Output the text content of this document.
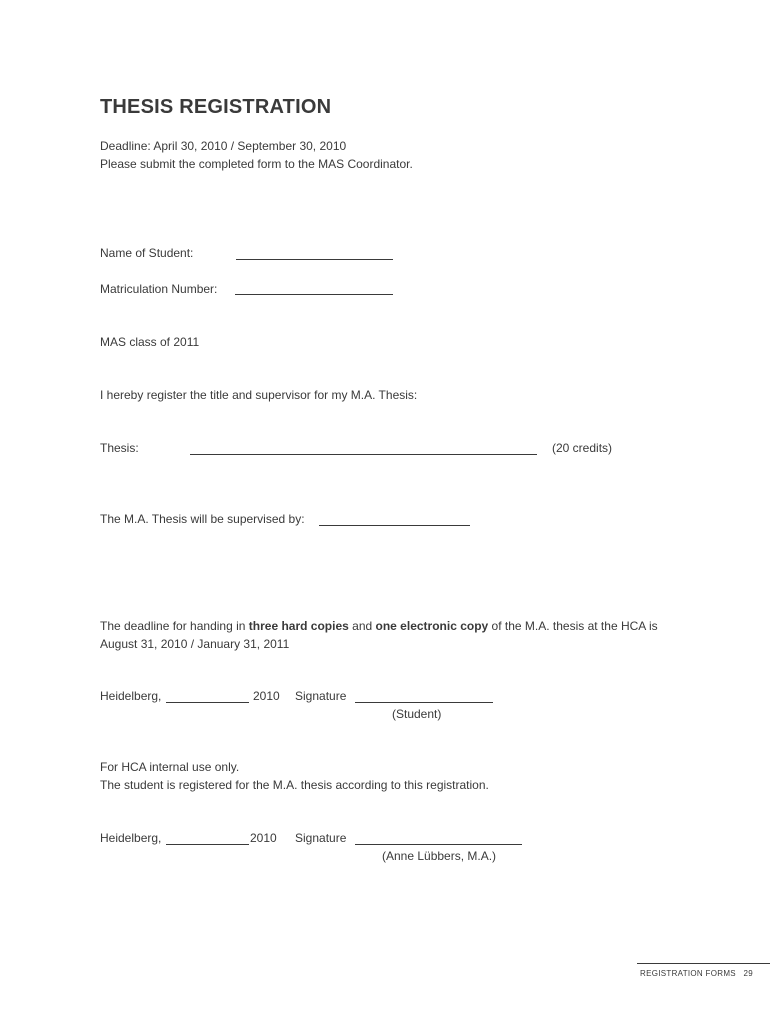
THESIS REGISTRATION
Deadline: April 30, 2010 / September 30, 2010
Please submit the completed form to the MAS Coordinator.
Name of Student:
Matriculation Number:
MAS class of 2011
I hereby register the title and supervisor for my M.A. Thesis:
Thesis:	(20 credits)
The M.A. Thesis will be supervised by:
The deadline for handing in three hard copies and one electronic copy of the M.A. thesis at the HCA is
August 31, 2010 / January 31, 2011
Heidelberg,	2010 Signature
(Student)
For HCA internal use only.
The student is registered for the M.A. thesis according to this registration.
Heidelberg,	2010 Signature
(Anne Lübbers, M.A.)
REGISTRATION FORMS 29
